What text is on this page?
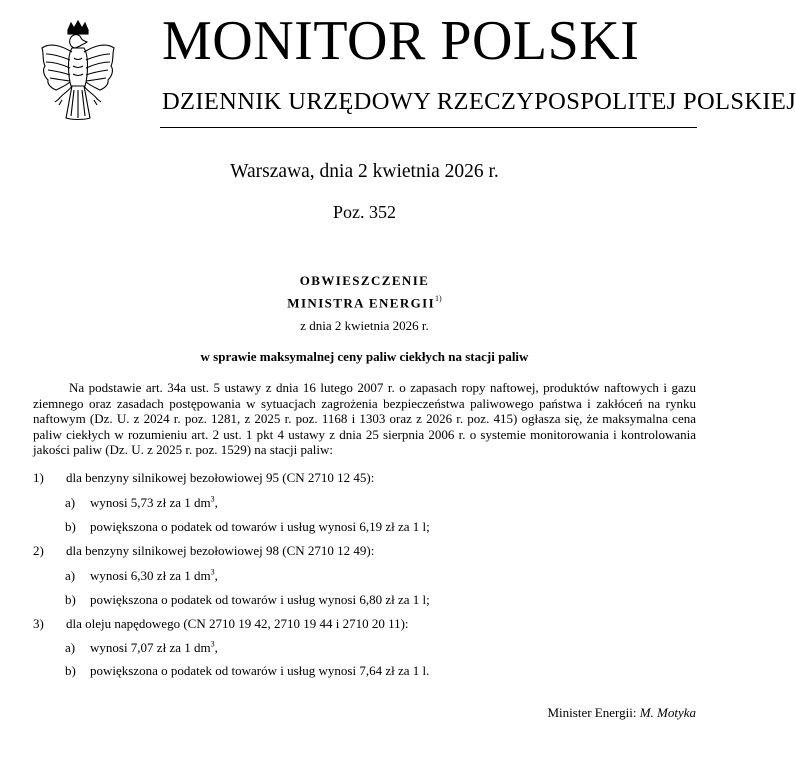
MONITOR POLSKI
DZIENNIK URZĘDOWY RZECZYPOSPOLITEJ POLSKIEJ
Warszawa, dnia 2 kwietnia 2026 r.
Poz. 352
OBWIESZCZENIE
MINISTRA ENERGII$^{1)}$
z dnia 2 kwietnia 2026 r.
w sprawie maksymalnej ceny paliw ciekłych na stacji paliw
Na podstawie art. 34a ust. 5 ustawy z dnia 16 lutego 2007 r. o zapasach ropy naftowej, produktów naftowych i gazu ziemnego oraz zasadach postępowania w sytuacjach zagrożenia bezpieczeństwa paliwowego państwa i zakłóceń na rynku naftowym (Dz. U. z 2024 r. poz. 1281, z 2025 r. poz. 1168 i 1303 oraz z 2026 r. poz. 415) ogłasza się, że maksymalna cena paliw ciekłych w rozumieniu art. 2 ust. 1 pkt 4 ustawy z dnia 25 sierpnia 2006 r. o systemie monitorowania i kontrolowania jakości paliw (Dz. U. z 2025 r. poz. 1529) na stacji paliw:
1) dla benzyny silnikowej bezołowiowej 95 (CN 2710 12 45):
a) wynosi 5,73 zł za 1 $dm^3$,
b) powiększona o podatek od towarów i usług wynosi 6,19 zł za 1 l;
2) dla benzyny silnikowej bezołowiowej 98 (CN 2710 12 49):
a) wynosi 6,30 zł za 1 $dm^3$,
b) powiększona o podatek od towarów i usług wynosi 6,80 zł za 1 l;
3) dla oleju napędowego (CN 2710 19 42, 2710 19 44 i 2710 20 11):
a) wynosi 7,07 zł za 1 $dm^3$,
b) powiększona o podatek od towarów i usług wynosi 7,64 zł za 1 l.
Minister Energii: M. Motyka
